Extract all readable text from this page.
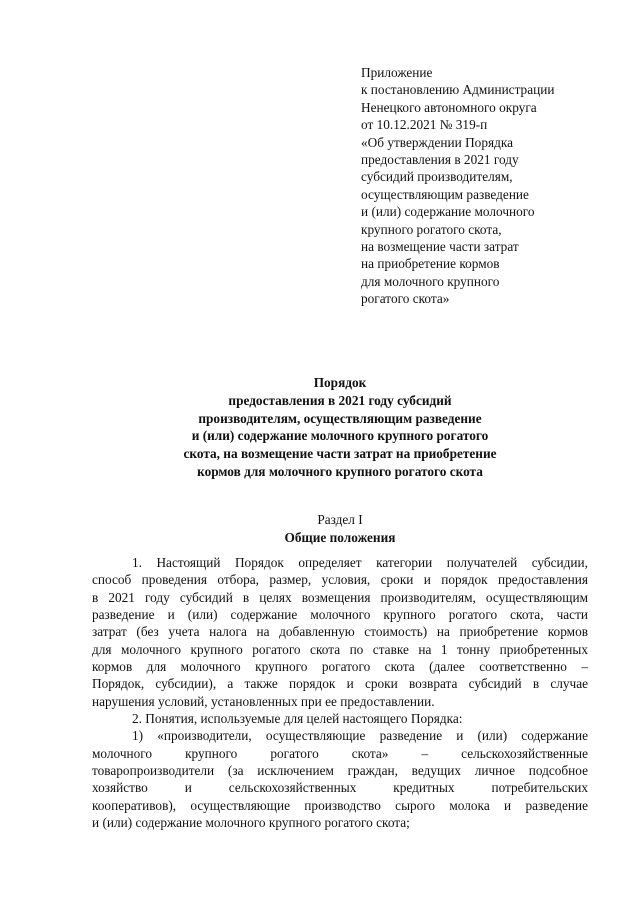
Приложение
к постановлению Администрации
Ненецкого автономного округа
от 10.12.2021 № 319-п
«Об утверждении Порядка
предоставления в 2021 году
субсидий производителям,
осуществляющим разведение
и (или) содержание молочного
крупного рогатого скота,
на возмещение части затрат
на приобретение кормов
для молочного крупного
рогатого скота»
Порядок
предоставления в 2021 году субсидий
производителям, осуществляющим разведение
и (или) содержание молочного крупного рогатого
скота, на возмещение части затрат на приобретение
кормов для молочного крупного рогатого скота
Раздел I
Общие положения
1. Настоящий Порядок определяет категории получателей субсидии,
способ проведения отбора, размер, условия, сроки и порядок предоставления
в 2021 году субсидий в целях возмещения производителям, осуществляющим
разведение и (или) содержание молочного крупного рогатого скота, части
затрат (без учета налога на добавленную стоимость) на приобретение кормов
для молочного крупного рогатого скота по ставке на 1 тонну приобретенных
кормов для молочного крупного рогатого скота (далее соответственно –
Порядок, субсидии), а также порядок и сроки возврата субсидий в случае
нарушения условий, установленных при ее предоставлении.
2. Понятия, используемые для целей настоящего Порядка:
1) «производители, осуществляющие разведение и (или) содержание
молочного крупного рогатого скота» – сельскохозяйственные
товаропроизводители (за исключением граждан, ведущих личное подсобное
хозяйство и сельскохозяйственных кредитных потребительских
кооперативов), осуществляющие производство сырого молока и разведение
и (или) содержание молочного крупного рогатого скота;
